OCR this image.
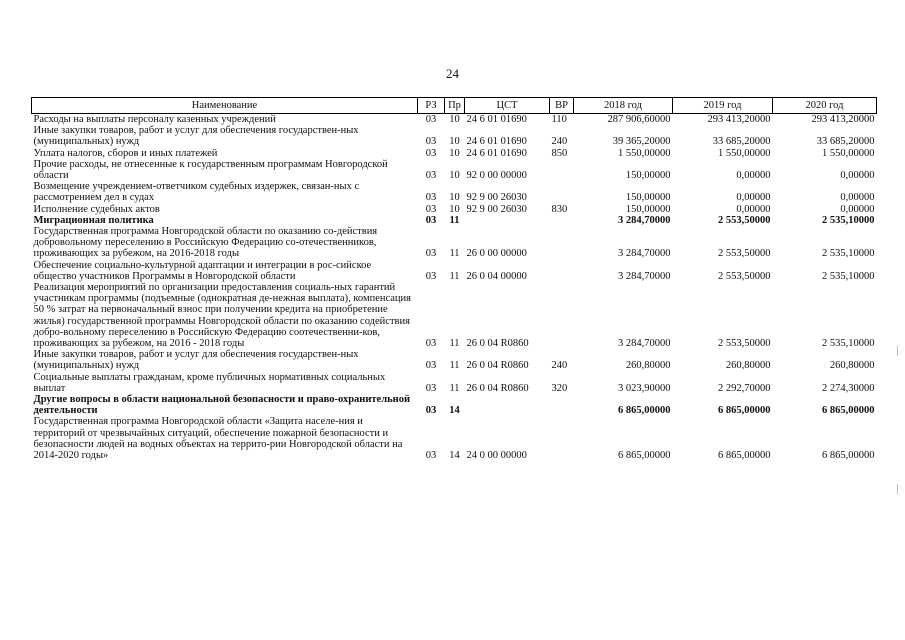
24
Наименование	РЗ	Пр	ЦСТ	ВР	2018 год	2019 год	2020 год
Расходы на выплаты персоналу казенных учреждений	03	10	24 6 01 01690	110	287 906,60000	293 413,20000	293 413,20000
Иные закупки товаров, работ и услуг для обеспечения государствен-ных (муниципальных) нужд	03	10	24 6 01 01690	240	39 365,20000	33 685,20000	33 685,20000
Уплата налогов, сборов и иных платежей	03	10	24 6 01 01690	850	1 550,00000	1 550,00000	1 550,00000
Прочие расходы, не отнесенные к государственным программам Новгородской области	03	10	92 0 00 00000		150,00000	0,00000	0,00000
Возмещение учреждением-ответчиком судебных издержек, связан-ных с рассмотрением дел в судах	03	10	92 9 00 26030		150,00000	0,00000	0,00000
Исполнение судебных актов	03	10	92 9 00 26030	830	150,00000	0,00000	0,00000
Миграционная политика	03	11			3 284,70000	2 553,50000	2 535,10000
Государственная программа Новгородской области по оказанию со-действия добровольному переселению в Российскую Федерацию со-отечественников, проживающих за рубежом, на 2016-2018 годы	03	11	26 0 00 00000		3 284,70000	2 553,50000	2 535,10000
Обеспечение социально-культурной адаптации и интеграции в рос-сийское общество участников Программы в Новгородской области	03	11	26 0 04 00000		3 284,70000	2 553,50000	2 535,10000
Реализация мероприятий по организации предоставления социаль-ных гарантий участникам программы (подъемные (однократная де-нежная выплата), компенсация 50 % затрат на первоначальный взнос при получении кредита на приобретение жилья) государственной программы Новгородской области по оказанию содействия добро-вольному переселению в Российскую Федерацию соотечественни-ков, проживающих за рубежом, на 2016 - 2018 годы	03	11	26 0 04 R0860		3 284,70000	2 553,50000	2 535,10000
Иные закупки товаров, работ и услуг для обеспечения государствен-ных (муниципальных) нужд	03	11	26 0 04 R0860	240	260,80000	260,80000	260,80000
Социальные выплаты гражданам, кроме публичных нормативных социальных выплат	03	11	26 0 04 R0860	320	3 023,90000	2 292,70000	2 274,30000
Другие вопросы в области национальной безопасности и право-охранительной деятельности	03	14			6 865,00000	6 865,00000	6 865,00000
Государственная программа Новгородской области «Защита населе-ния и территорий от чрезвычайных ситуаций, обеспечение пожарной безопасности и безопасности людей на водных объектах на террито-рии Новгородской области на 2014-2020 годы»	03	14	24 0 00 00000		6 865,00000	6 865,00000	6 865,00000
